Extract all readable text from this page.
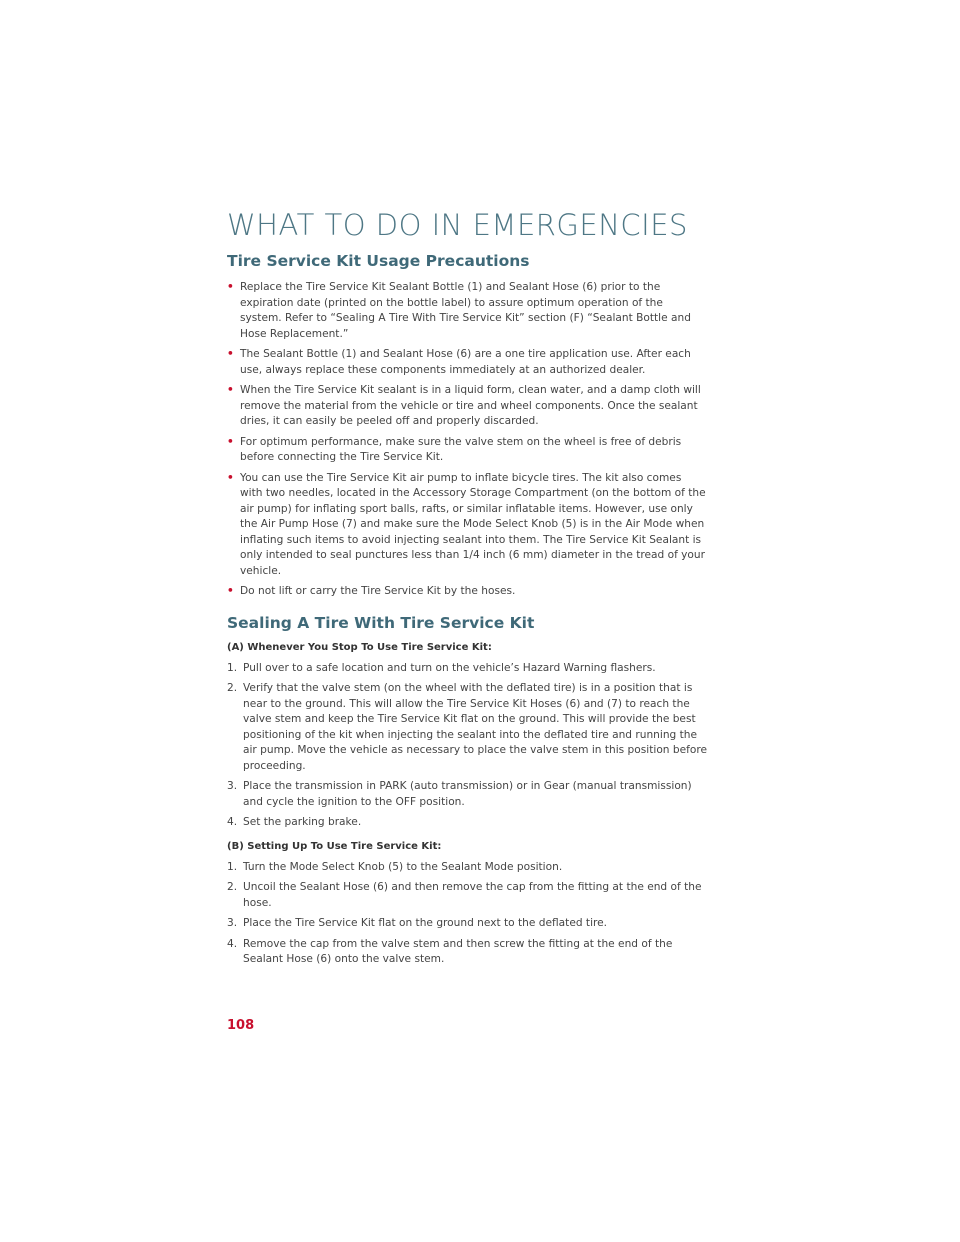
WHAT TO DO IN EMERGENCIES
Tire Service Kit Usage Precautions
• Replace the Tire Service Kit Sealant Bottle (1) and Sealant Hose (6) prior to the expiration date (printed on the bottle label) to assure optimum operation of the system. Refer to “Sealing A Tire With Tire Service Kit” section (F) “Sealant Bottle and Hose Replacement.”
• The Sealant Bottle (1) and Sealant Hose (6) are a one tire application use. After each use, always replace these components immediately at an authorized dealer.
• When the Tire Service Kit sealant is in a liquid form, clean water, and a damp cloth will remove the material from the vehicle or tire and wheel components. Once the sealant dries, it can easily be peeled off and properly discarded.
• For optimum performance, make sure the valve stem on the wheel is free of debris before connecting the Tire Service Kit.
• You can use the Tire Service Kit air pump to inflate bicycle tires. The kit also comes with two needles, located in the Accessory Storage Compartment (on the bottom of the air pump) for inflating sport balls, rafts, or similar inflatable items. However, use only the Air Pump Hose (7) and make sure the Mode Select Knob (5) is in the Air Mode when inflating such items to avoid injecting sealant into them. The Tire Service Kit Sealant is only intended to seal punctures less than 1/4 inch (6 mm) diameter in the tread of your vehicle.
• Do not lift or carry the Tire Service Kit by the hoses.
Sealing A Tire With Tire Service Kit
(A) Whenever You Stop To Use Tire Service Kit:
1. Pull over to a safe location and turn on the vehicle’s Hazard Warning flashers.
2. Verify that the valve stem (on the wheel with the deflated tire) is in a position that is near to the ground. This will allow the Tire Service Kit Hoses (6) and (7) to reach the valve stem and keep the Tire Service Kit flat on the ground. This will provide the best positioning of the kit when injecting the sealant into the deflated tire and running the air pump. Move the vehicle as necessary to place the valve stem in this position before proceeding.
3. Place the transmission in PARK (auto transmission) or in Gear (manual transmission) and cycle the ignition to the OFF position.
4. Set the parking brake.
(B) Setting Up To Use Tire Service Kit:
1. Turn the Mode Select Knob (5) to the Sealant Mode position.
2. Uncoil the Sealant Hose (6) and then remove the cap from the fitting at the end of the hose.
3. Place the Tire Service Kit flat on the ground next to the deflated tire.
4. Remove the cap from the valve stem and then screw the fitting at the end of the Sealant Hose (6) onto the valve stem.
108
